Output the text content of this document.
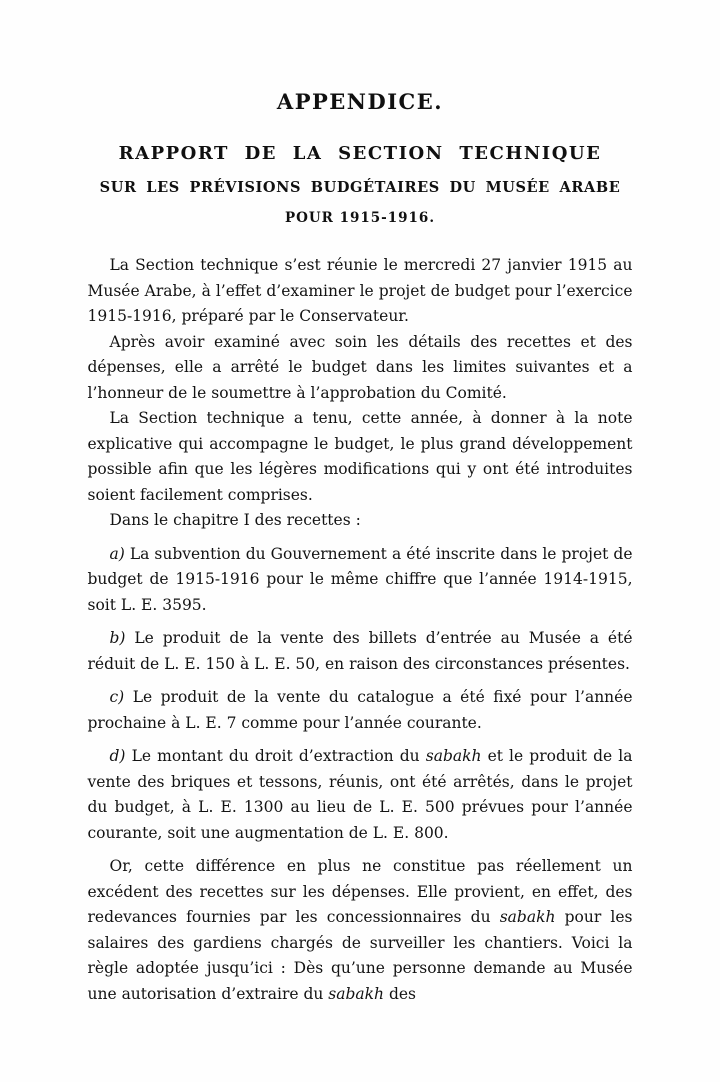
APPENDICE.
RAPPORT DE LA SECTION TECHNIQUE
SUR LES PRÉVISIONS BUDGÉTAIRES DU MUSÉE ARABE
POUR 1915-1916.

La Section technique s’est réunie le mercredi 27 janvier 1915 au Musée Arabe, à l’effet d’examiner le projet de budget pour l’exercice 1915-1916, préparé par le Conservateur.

Après avoir examiné avec soin les détails des recettes et des dépenses, elle a arrêté le budget dans les limites suivantes et a l’honneur de le soumettre à l’approbation du Comité.

La Section technique a tenu, cette année, à donner à la note explicative qui accompagne le budget, le plus grand développement possible afin que les légères modifications qui y ont été introduites soient facilement comprises.

Dans le chapitre I des recettes :

a) La subvention du Gouvernement a été inscrite dans le projet de budget de 1915-1916 pour le même chiffre que l’année 1914-1915, soit L. E. 3595.

b) Le produit de la vente des billets d’entrée au Musée a été réduit de L. E. 150 à L. E. 50, en raison des circonstances présentes.

c) Le produit de la vente du catalogue a été fixé pour l’année prochaine à L. E. 7 comme pour l’année courante.

d) Le montant du droit d’extraction du sabakh et le produit de la vente des briques et tessons, réunis, ont été arrêtés, dans le projet du budget, à L. E. 1300 au lieu de L. E. 500 prévues pour l’année courante, soit une augmentation de L. E. 800.

Or, cette différence en plus ne constitue pas réellement un excédent des recettes sur les dépenses. Elle provient, en effet, des redevances fournies par les concessionnaires du sabakh pour les salaires des gardiens chargés de surveiller les chantiers. Voici la règle adoptée jusqu’ici : Dès qu’une personne demande au Musée une autorisation d’extraire du sabakh des
